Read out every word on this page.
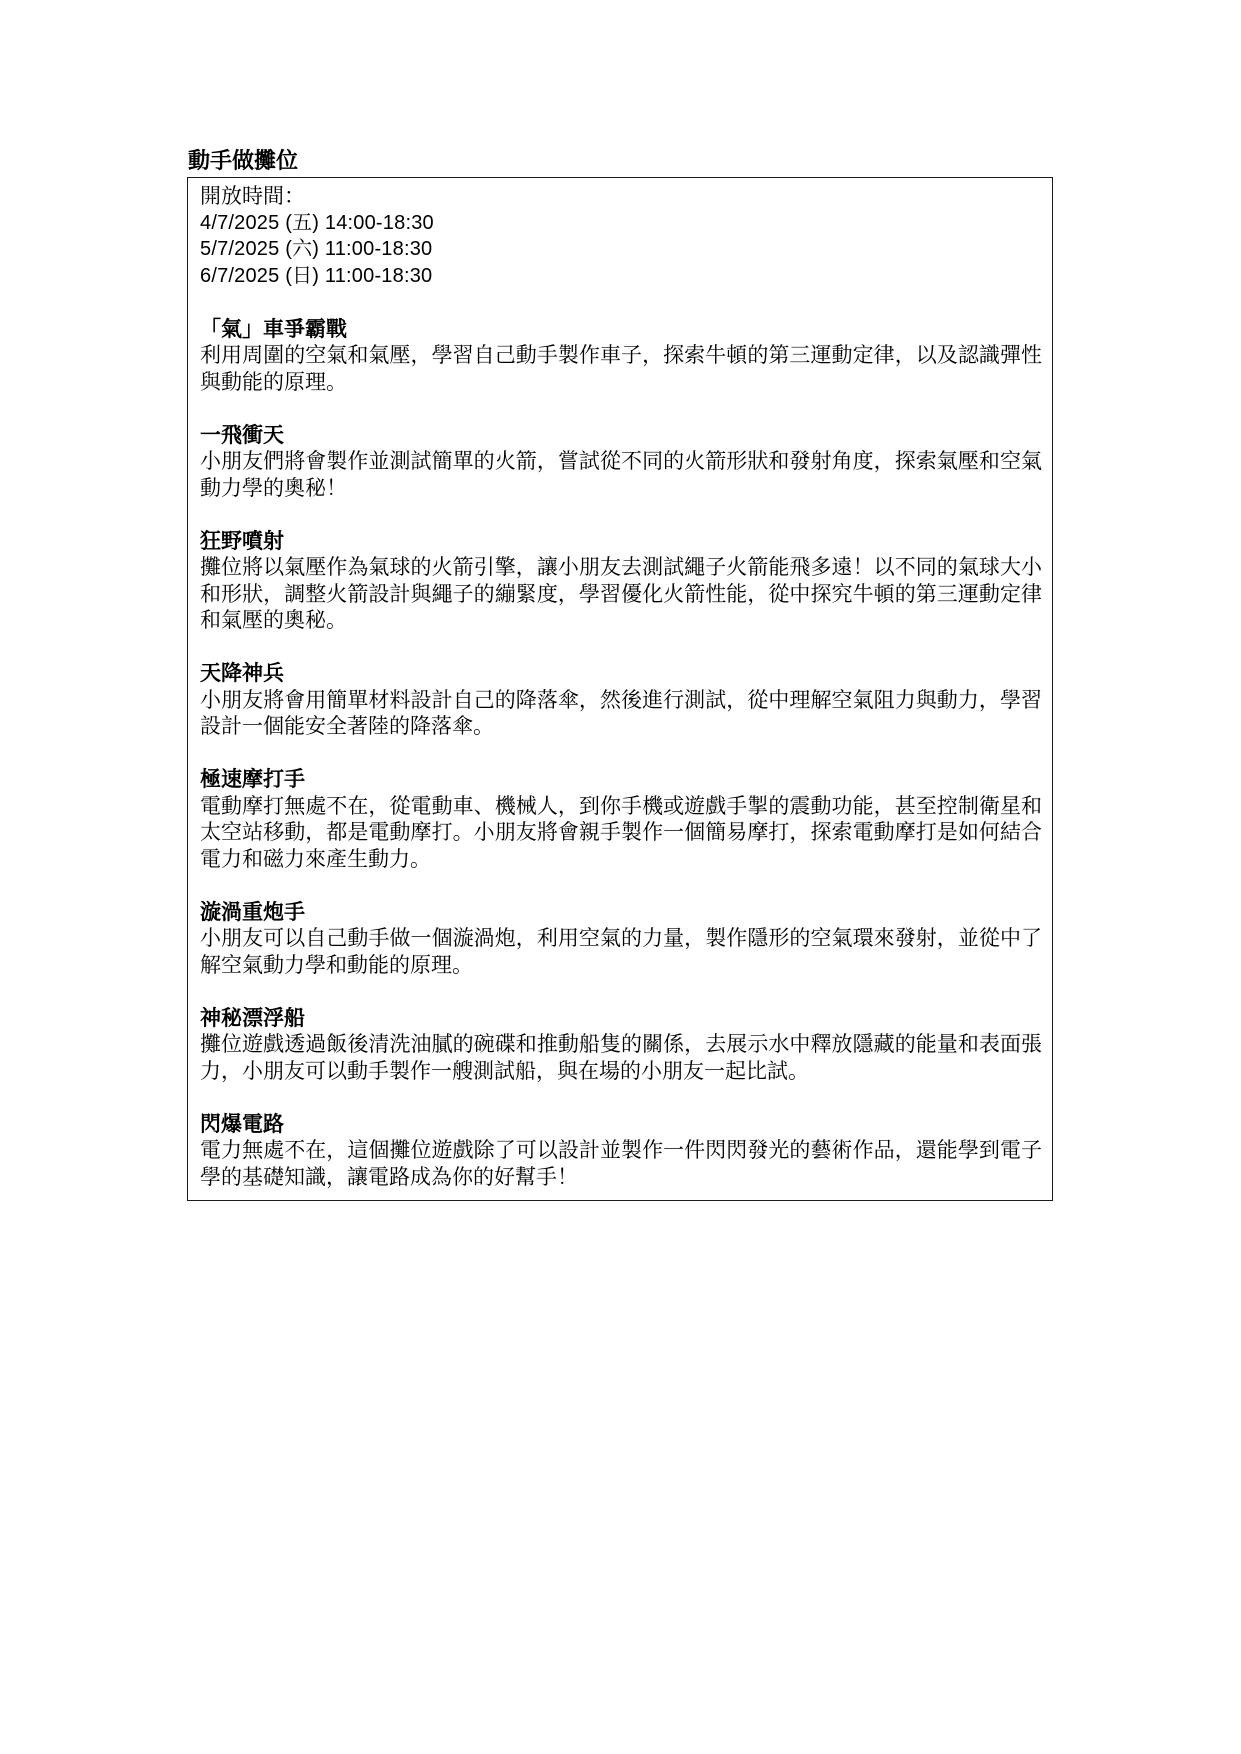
動手做攤位
開放時間：
4/7/2025 (五) 14:00-18:30
5/7/2025 (六) 11:00-18:30
6/7/2025 (日) 11:00-18:30
「氣」車爭霸戰
利用周圍的空氣和氣壓，學習自己動手製作車子，探索牛頓的第三運動定律，以及認識彈性與動能的原理。
一飛衝天
小朋友們將會製作並測試簡單的火箭，嘗試從不同的火箭形狀和發射角度，探索氣壓和空氣動力學的奧秘！
狂野噴射
攤位將以氣壓作為氣球的火箭引擎，讓小朋友去測試繩子火箭能飛多遠！以不同的氣球大小和形狀，調整火箭設計與繩子的繃緊度，學習優化火箭性能，從中探究牛頓的第三運動定律和氣壓的奧秘。
天降神兵
小朋友將會用簡單材料設計自己的降落傘，然後進行測試，從中理解空氣阻力與動力，學習設計一個能安全著陸的降落傘。
極速摩打手
電動摩打無處不在，從電動車、機械人，到你手機或遊戲手掣的震動功能，甚至控制衛星和太空站移動，都是電動摩打。小朋友將會親手製作一個簡易摩打，探索電動摩打是如何結合電力和磁力來產生動力。
漩渦重炮手
小朋友可以自己動手做一個漩渦炮，利用空氣的力量，製作隱形的空氣環來發射，並從中了解空氣動力學和動能的原理。
神秘漂浮船
攤位遊戲透過飯後清洗油膩的碗碟和推動船隻的關係，去展示水中釋放隱藏的能量和表面張力，小朋友可以動手製作一艘測試船，與在場的小朋友一起比試。
閃爆電路
電力無處不在，這個攤位遊戲除了可以設計並製作一件閃閃發光的藝術作品，還能學到電子學的基礎知識，讓電路成為你的好幫手！
